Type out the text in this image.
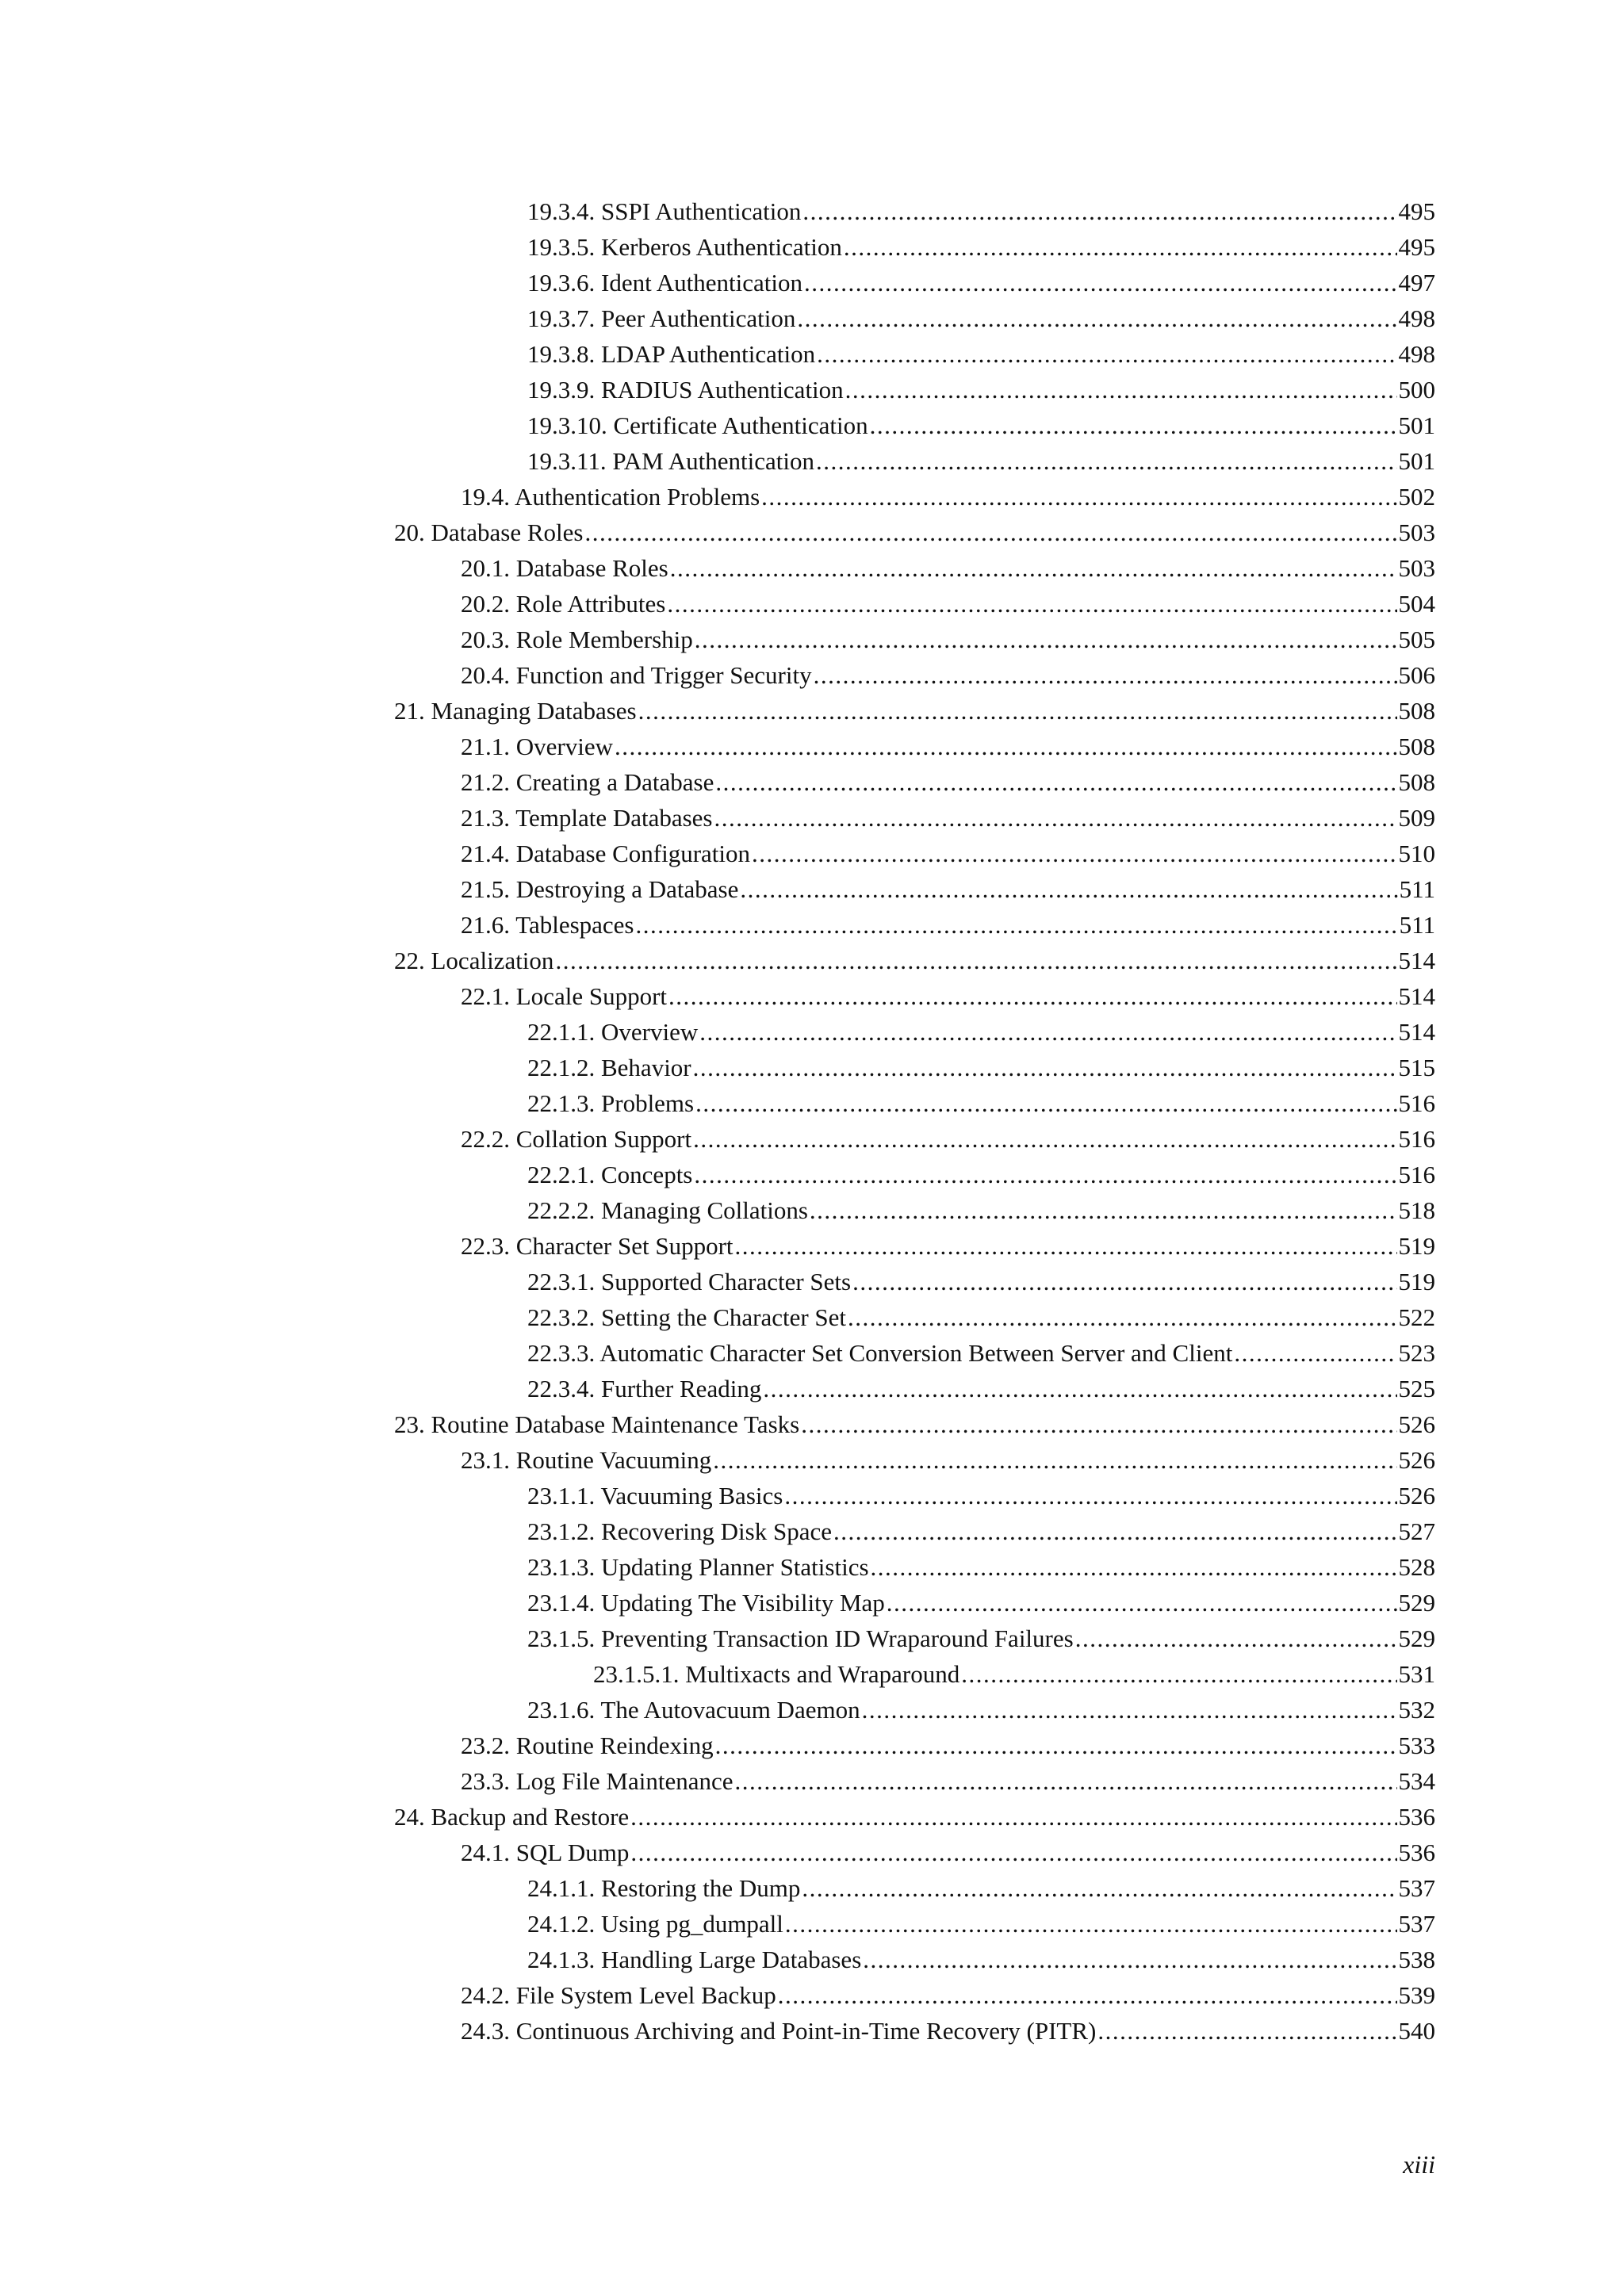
19.3.4. SSPI Authentication .....	495
19.3.5. Kerberos Authentication .....	495
19.3.6. Ident Authentication .....	497
19.3.7. Peer Authentication .....	498
19.3.8. LDAP Authentication .....	498
19.3.9. RADIUS Authentication .....	500
19.3.10. Certificate Authentication .....	501
19.3.11. PAM Authentication .....	501
19.4. Authentication Problems .....	502
20. Database Roles .....	503
20.1. Database Roles .....	503
20.2. Role Attributes .....	504
20.3. Role Membership .....	505
20.4. Function and Trigger Security .....	506
21. Managing Databases .....	508
21.1. Overview .....	508
21.2. Creating a Database .....	508
21.3. Template Databases .....	509
21.4. Database Configuration .....	510
21.5. Destroying a Database .....	511
21.6. Tablespaces .....	511
22. Localization .....	514
22.1. Locale Support .....	514
22.1.1. Overview .....	514
22.1.2. Behavior .....	515
22.1.3. Problems .....	516
22.2. Collation Support .....	516
22.2.1. Concepts .....	516
22.2.2. Managing Collations .....	518
22.3. Character Set Support .....	519
22.3.1. Supported Character Sets .....	519
22.3.2. Setting the Character Set .....	522
22.3.3. Automatic Character Set Conversion Between Server and Client .....	523
22.3.4. Further Reading .....	525
23. Routine Database Maintenance Tasks .....	526
23.1. Routine Vacuuming .....	526
23.1.1. Vacuuming Basics .....	526
23.1.2. Recovering Disk Space .....	527
23.1.3. Updating Planner Statistics .....	528
23.1.4. Updating The Visibility Map .....	529
23.1.5. Preventing Transaction ID Wraparound Failures .....	529
23.1.5.1. Multixacts and Wraparound .....	531
23.1.6. The Autovacuum Daemon .....	532
23.2. Routine Reindexing .....	533
23.3. Log File Maintenance .....	534
24. Backup and Restore .....	536
24.1. SQL Dump .....	536
24.1.1. Restoring the Dump .....	537
24.1.2. Using pg_dumpall .....	537
24.1.3. Handling Large Databases .....	538
24.2. File System Level Backup .....	539
24.3. Continuous Archiving and Point-in-Time Recovery (PITR) .....	540
xiii
